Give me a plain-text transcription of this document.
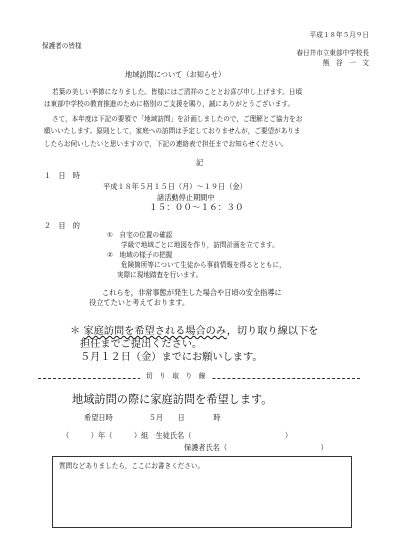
平成１８年５月９日
保護者の皆様
春日井市立東部中学校長
熊　谷　一　文
地域訪問について（お知らせ）
若葉の美しい季節になりました。皆様にはご清祥のこととお喜び申し上げます。日頃
は東部中学校の教育推進のために格別のご支援を賜り，誠にありがとうございます。
さて，本年度は下記の要領で「地域訪問」を計画しましたので，ご理解とご協力をお
願いいたします。原則として，家庭への訪問は予定しておりませんが，ご要望がありま
したらお伺いしたいと思いますので，下記の連絡表で担任までお知らせください。
記
１　日　時
平成１８年５月１５日（月）～１９日（金）
諸活動停止期間中
１５：００～１６：３０
２　目　的
①　自宅の位置の確認
学級で地域ごとに地図を作り，訪問計画を立てます。
②　地域の様子の把握
危険箇所等について生徒から事前情報を得るとともに，
実際に現地踏査を行います。
これらを，非常事態が発生した場合や日頃の安全指導に
役立てたいと考えております。
＊ 家庭訪問を希望される場合のみ，切り取り線以下を
担任までご提出ください。
５月１２日（金）までにお願いします。
切　り　取　り　線
地域訪問の際に家庭訪問を希望します。
希望日時　　　　　５月　　日　　　　時
（　　　）年（　　　）組　生徒氏名（　　　　　　　　　　　　　）
保護者氏名（　　　　　　　　　　　　　）
質問などありましたら，ここにお書きください。
